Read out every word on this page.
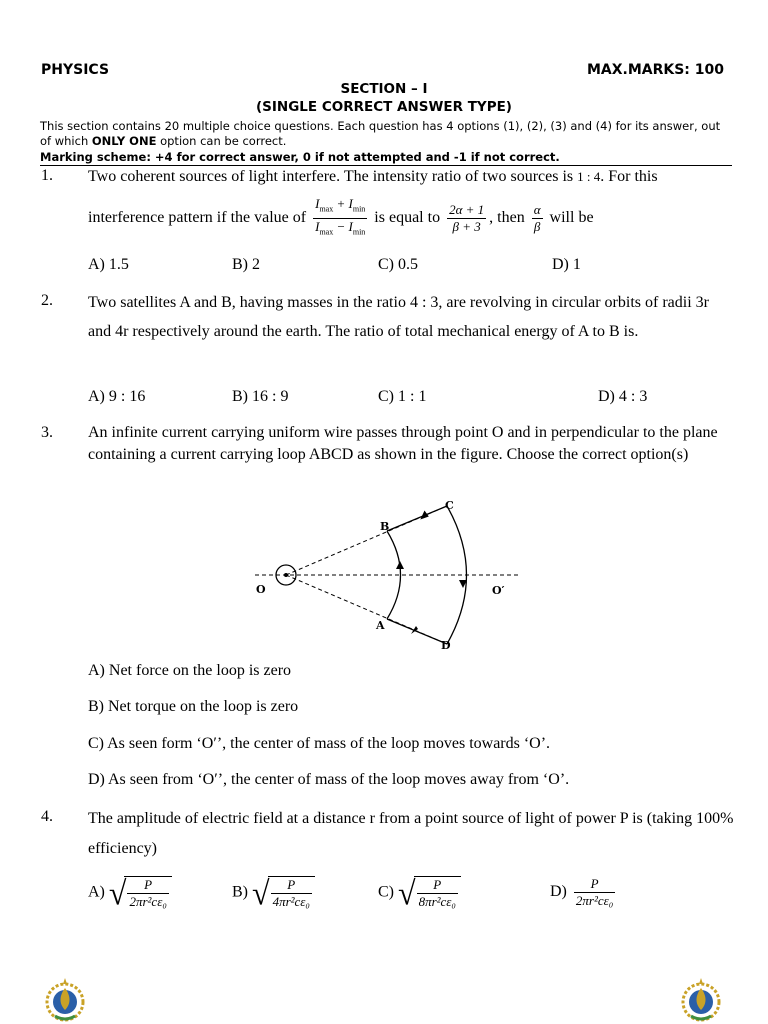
PHYSICS	MAX.MARKS: 100
SECTION – I
(SINGLE CORRECT ANSWER TYPE)
This section contains 20 multiple choice questions. Each question has 4 options (1), (2), (3) and (4) for its answer, out of which ONLY ONE option can be correct.
Marking scheme: +4 for correct answer, 0 if not attempted and -1 if not correct.
1. Two coherent sources of light interfere. The intensity ratio of two sources is 1 : 4. For this
interference pattern if the value of $\frac{I_{max} + I_{min}}{I_{max} - I_{min}}$ is equal to $\frac{2\alpha + 1}{\beta + 3}$ , then $\frac{\alpha}{\beta}$ will be
A) 1.5	B) 2	C) 0.5	D) 1
2. Two satellites A and B, having masses in the ratio 4 : 3, are revolving in circular orbits of radii 3r and 4r respectively around the earth. The ratio of total mechanical energy of A to B is.
A) 9 : 16	B) 16 : 9	C) 1 : 1	D) 4 : 3
3. An infinite current carrying uniform wire passes through point O and in perpendicular to the plane containing a current carrying loop ABCD as shown in the figure. Choose the correct option(s)
O	O′
A
B
C
D
A) Net force on the loop is zero
B) Net torque on the loop is zero
C) As seen form ‘O′’, the center of mass of the loop moves towards ‘O’.
D) As seen from ‘O′’, the center of mass of the loop moves away from ‘O’.
4. The amplitude of electric field at a distance r from a point source of light of power P is (taking 100% efficiency)
A) √ $\frac{P}{\text{2πr²cε₀}}$	B) √ $\frac{P}{\text{4πr²cε₀}}$	C) √ $\frac{P}{\text{8πr²cε₀}}$	$D) \frac{P}{\text{2πr²cε₀}}$
